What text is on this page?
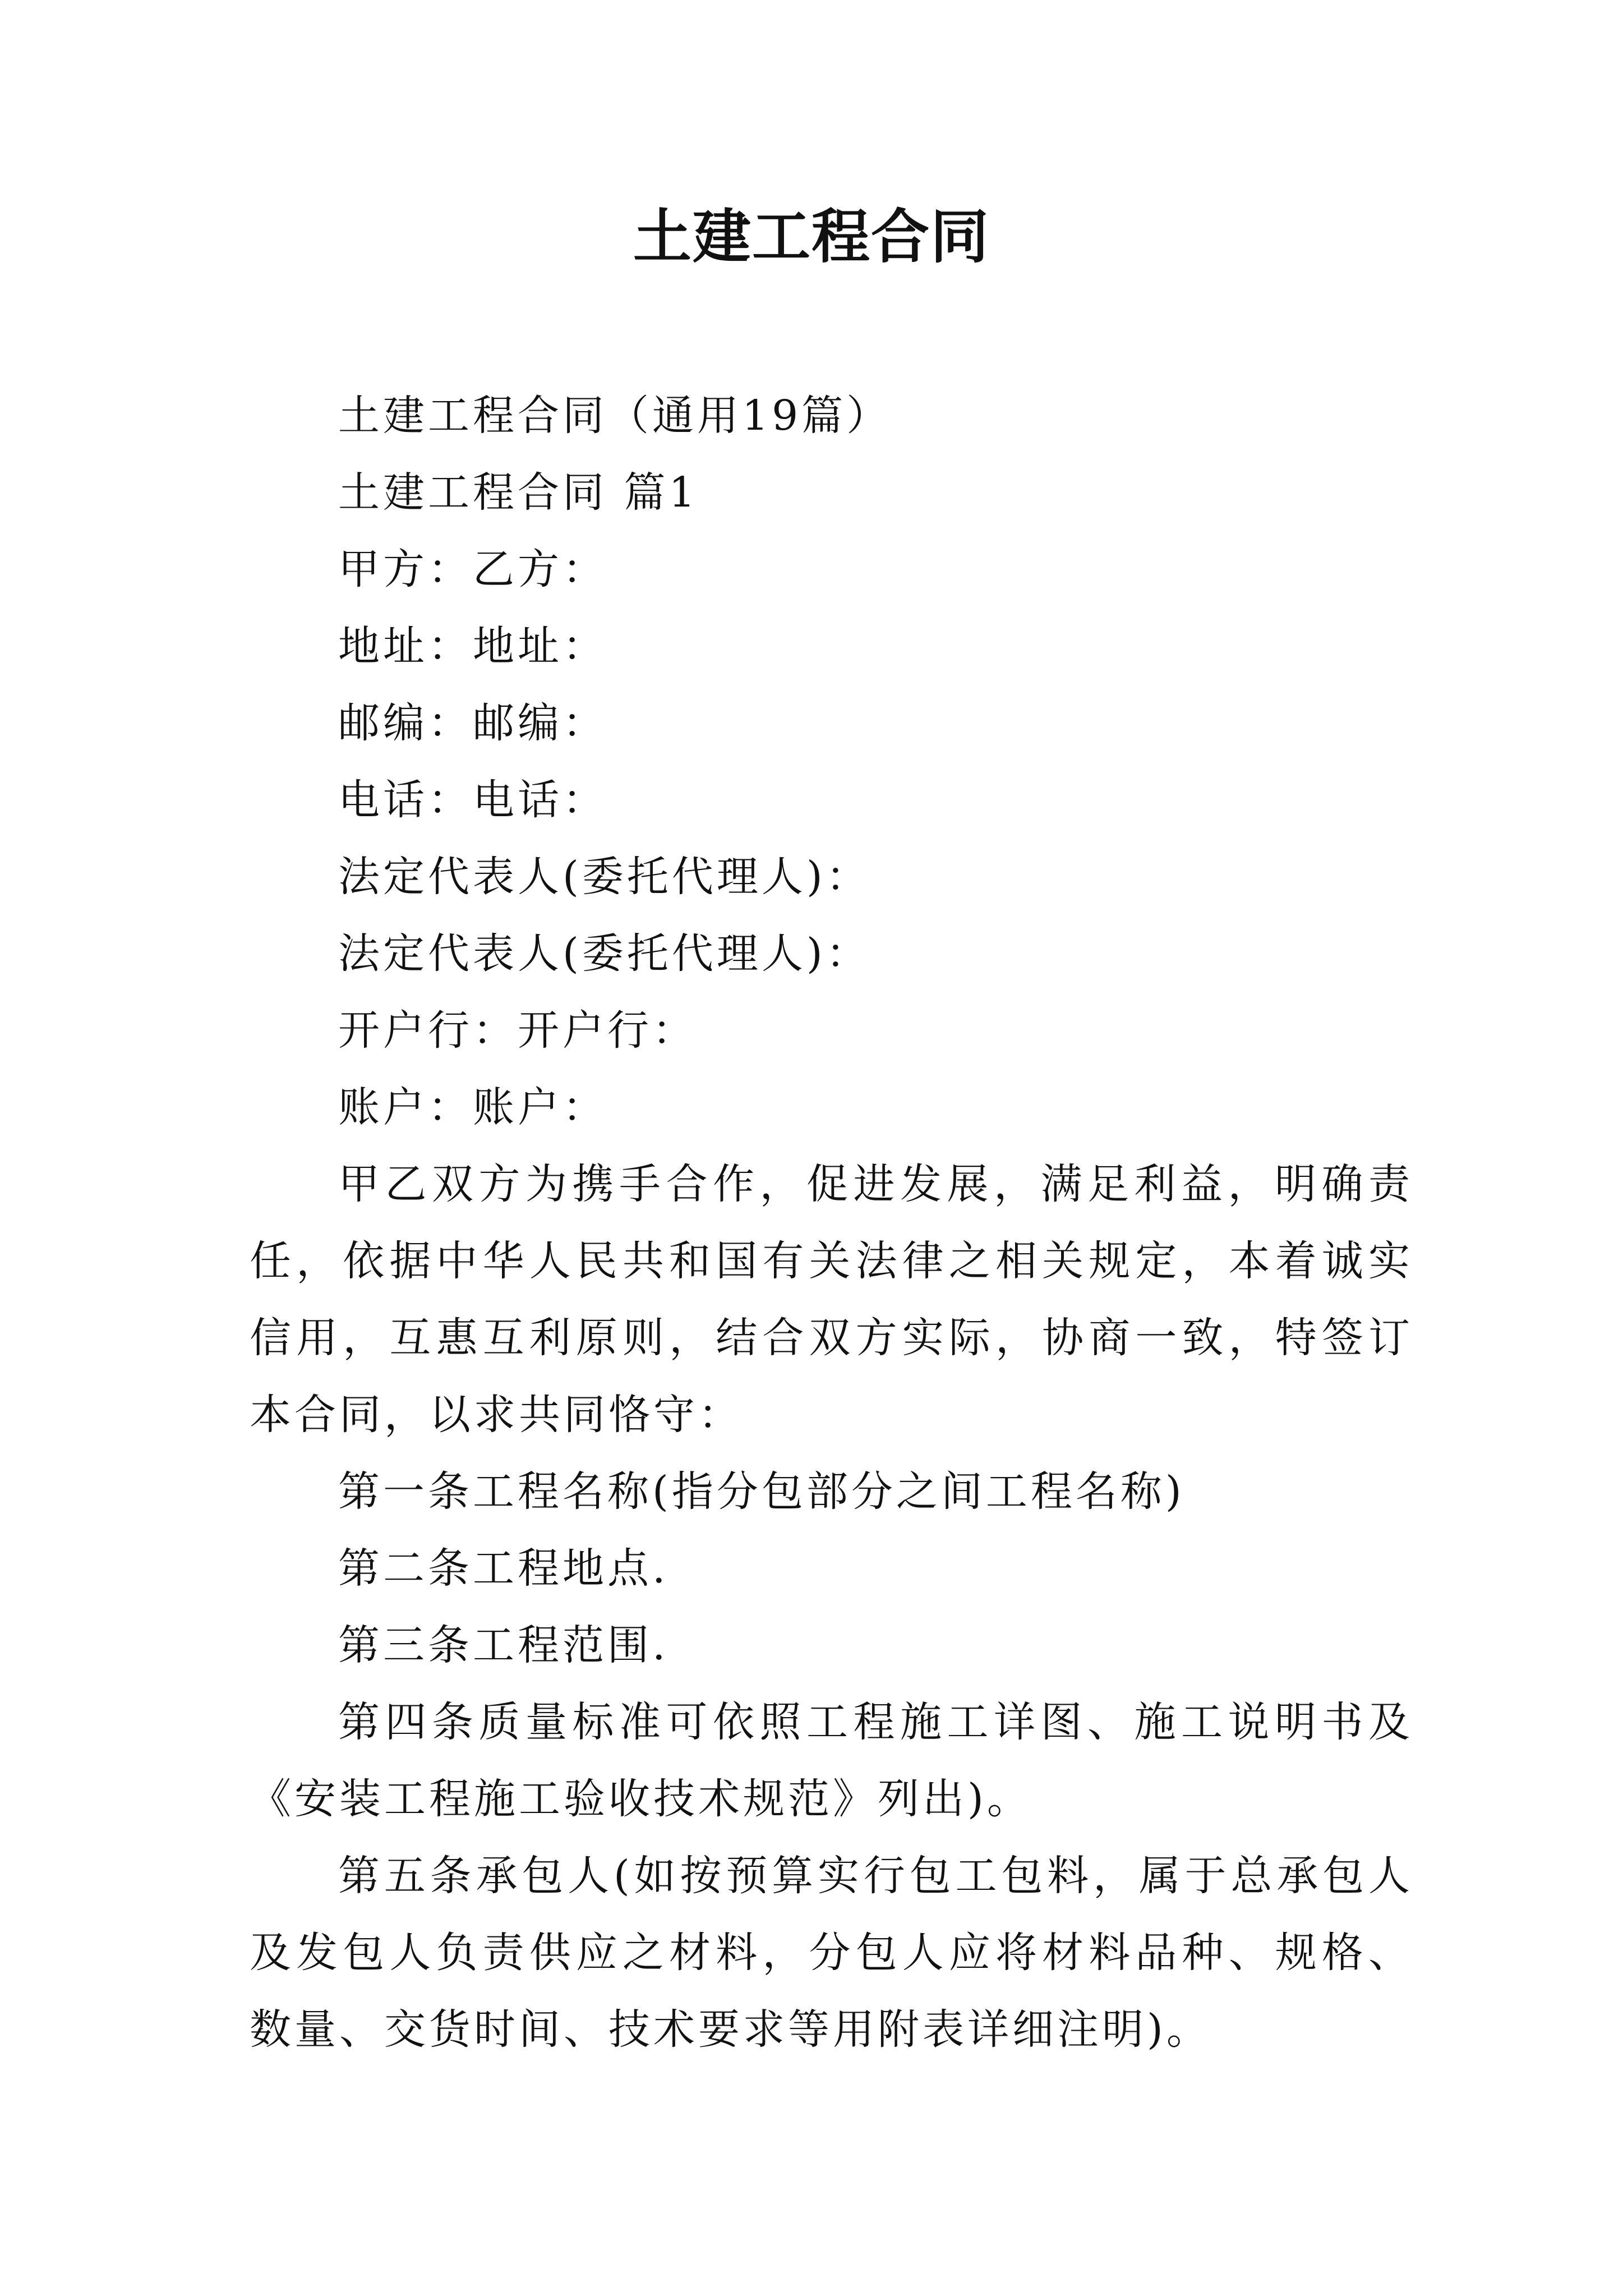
土建工程合同

土建工程合同（通用19篇）

土建工程合同 篇1

甲方：乙方：

地址：地址：

邮编：邮编：

电话：电话：

法定代表人(委托代理人)：

法定代表人(委托代理人)：

开户行：开户行：

账户：账户：

甲乙双方为携手合作，促进发展，满足利益，明确责任，依据中华人民共和国有关法律之相关规定，本着诚实信用，互惠互利原则，结合双方实际，协商一致，特签订本合同，以求共同恪守：

第一条工程名称(指分包部分之间工程名称)

第二条工程地点.

第三条工程范围.

第四条质量标准可依照工程施工详图、施工说明书及《安装工程施工验收技术规范》列出)。

第五条承包人(如按预算实行包工包料，属于总承包人及发包人负责供应之材料，分包人应将材料品种、规格、数量、交货时间、技术要求等用附表详细注明)。
